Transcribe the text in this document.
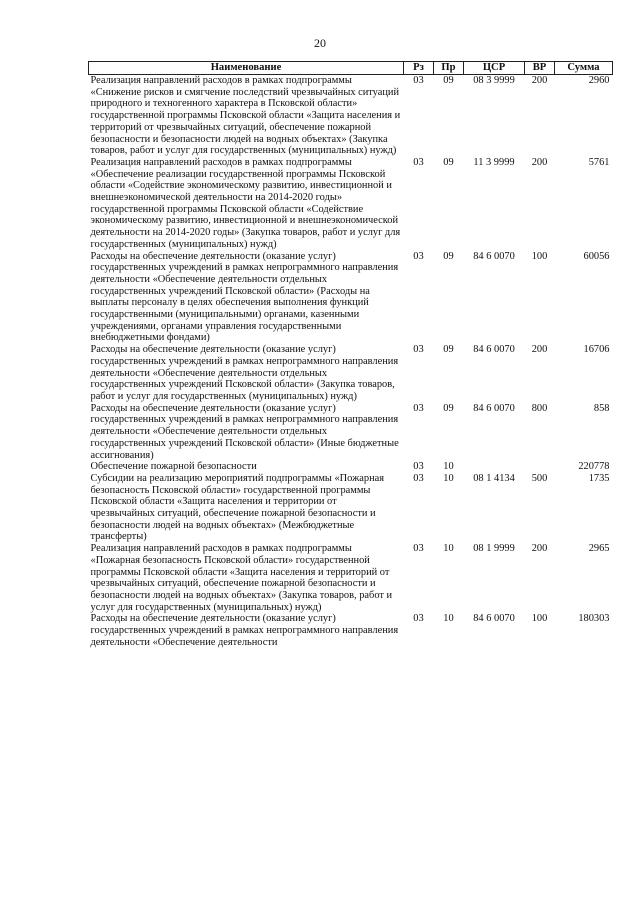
20
Наименование	Рз	Пр	ЦСР	ВР	Сумма
Реализация направлений расходов в рамках подпрограммы «Снижение рисков и смягчение последствий чрезвычайных ситуаций природного и техногенного характера в Псковской области» государственной программы Псковской области «Защита населения и территорий от чрезвычайных ситуаций, обеспечение пожарной безопасности и безопасности людей на водных объектах» (Закупка товаров, работ и услуг для государственных (муниципальных) нужд)	03	09	08 3 9999	200	2960
Реализация направлений расходов в рамках подпрограммы «Обеспечение реализации государственной программы Псковской области «Содействие экономическому развитию, инвестиционной и внешнеэкономической деятельности на 2014-2020 годы» государственной программы Псковской области «Содействие экономическому развитию, инвестиционной и внешнеэкономической деятельности на 2014-2020 годы» (Закупка товаров, работ и услуг для государственных (муниципальных) нужд)	03	09	11 3 9999	200	5761
Расходы на обеспечение деятельности (оказание услуг) государственных учреждений в рамках непрограммного направления деятельности «Обеспечение деятельности отдельных государственных учреждений Псковской области» (Расходы на выплаты персоналу в целях обеспечения выполнения функций государственными (муниципальными) органами, казенными учреждениями, органами управления государственными внебюджетными фондами)	03	09	84 6 0070	100	60056
Расходы на обеспечение деятельности (оказание услуг) государственных учреждений в рамках непрограммного направления деятельности «Обеспечение деятельности отдельных государственных учреждений Псковской области» (Закупка товаров, работ и услуг для государственных (муниципальных) нужд)	03	09	84 6 0070	200	16706
Расходы на обеспечение деятельности (оказание услуг) государственных учреждений в рамках непрограммного направления деятельности «Обеспечение деятельности отдельных государственных учреждений Псковской области» (Иные бюджетные ассигнования)	03	09	84 6 0070	800	858
Обеспечение пожарной безопасности	03	10			220778
Субсидии на реализацию мероприятий подпрограммы «Пожарная безопасность Псковской области» государственной программы Псковской области «Защита населения и территории от чрезвычайных ситуаций, обеспечение пожарной безопасности и безопасности людей на водных объектах» (Межбюджетные трансферты)	03	10	08 1 4134	500	1735
Реализация направлений расходов в рамках подпрограммы «Пожарная безопасность Псковской области» государственной программы Псковской области «Защита населения и территорий от чрезвычайных ситуаций, обеспечение пожарной безопасности и безопасности людей на водных объектах» (Закупка товаров, работ и услуг для государственных (муниципальных) нужд)	03	10	08 1 9999	200	2965
Расходы на обеспечение деятельности (оказание услуг) государственных учреждений в рамках непрограммного направления деятельности «Обеспечение деятельности	03	10	84 6 0070	100	180303
